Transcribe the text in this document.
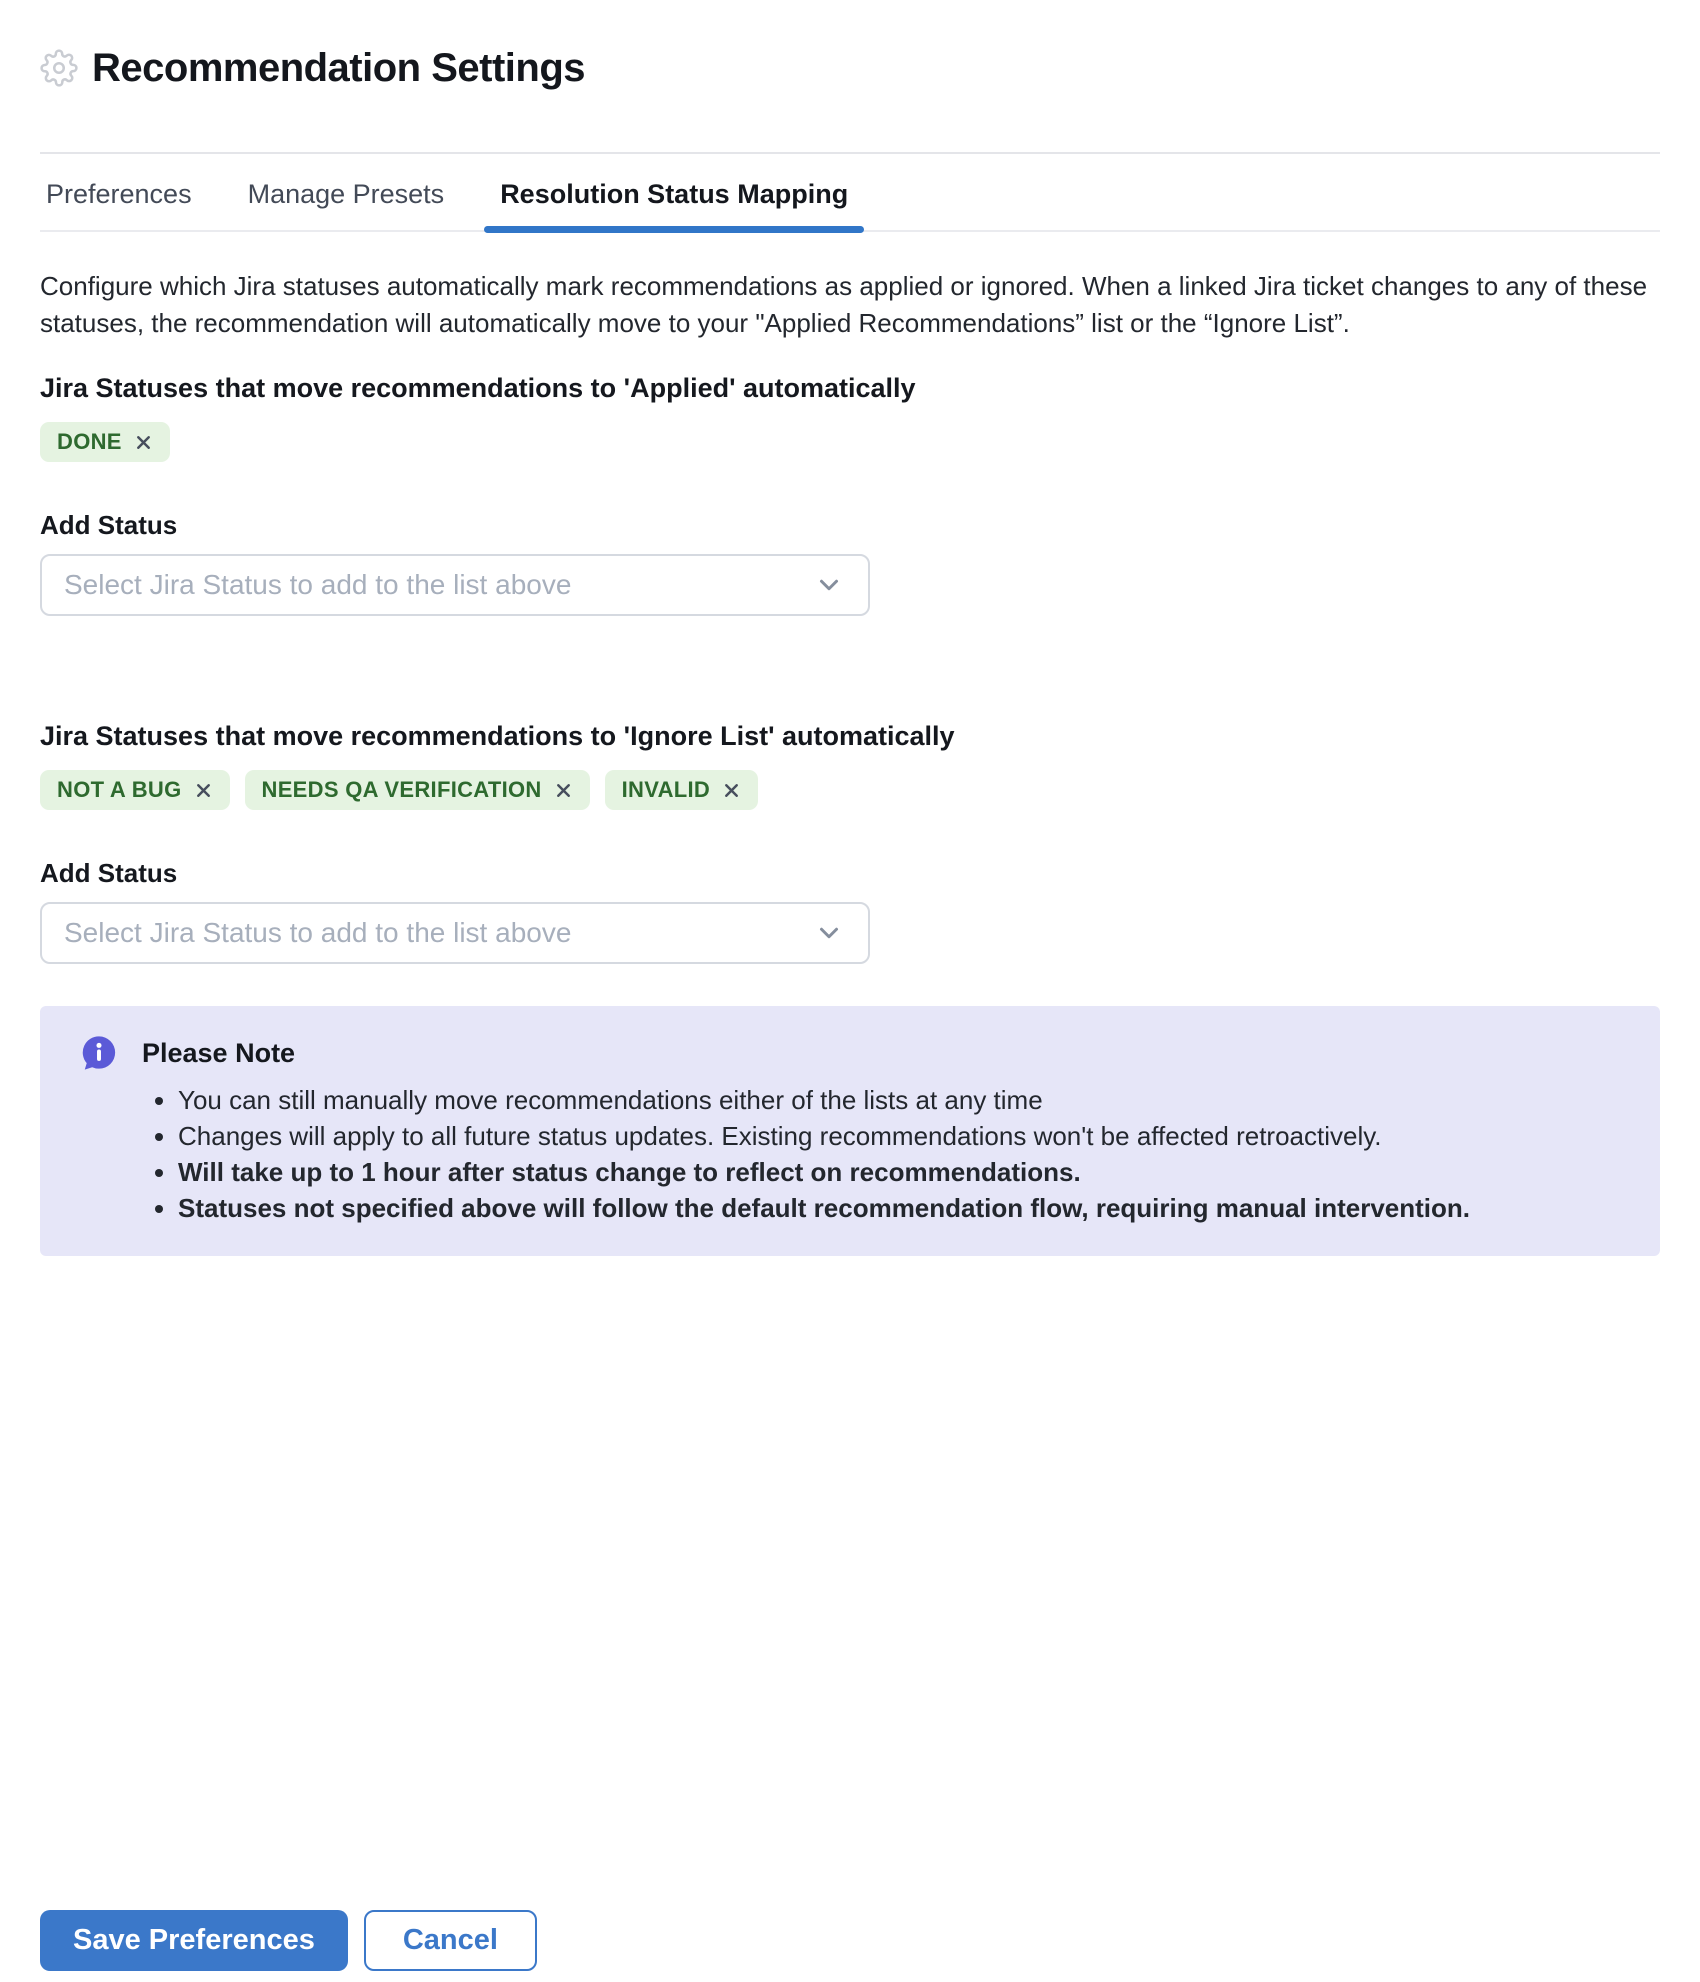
Recommendation Settings
Preferences Manage Presets Resolution Status Mapping

Configure which Jira statuses automatically mark recommendations as applied or ignored. When a linked Jira ticket changes to any of these statuses, the recommendation will automatically move to your "Applied Recommendations” list or the “Ignore List”.

Jira Statuses that move recommendations to 'Applied' automatically
DONE
Add Status
Select Jira Status to add to the list above
Jira Statuses that move recommendations to 'Ignore List' automatically
NOT A BUG	NEEDS QA VERIFICATION	INVALID
Add Status
Select Jira Status to add to the list above
Please Note
• You can still manually move recommendations either of the lists at any time
• Changes will apply to all future status updates. Existing recommendations won't be affected retroactively.
• Will take up to 1 hour after status change to reflect on recommendations.
• Statuses not specified above will follow the default recommendation flow, requiring manual intervention.
Save Preferences	Cancel
